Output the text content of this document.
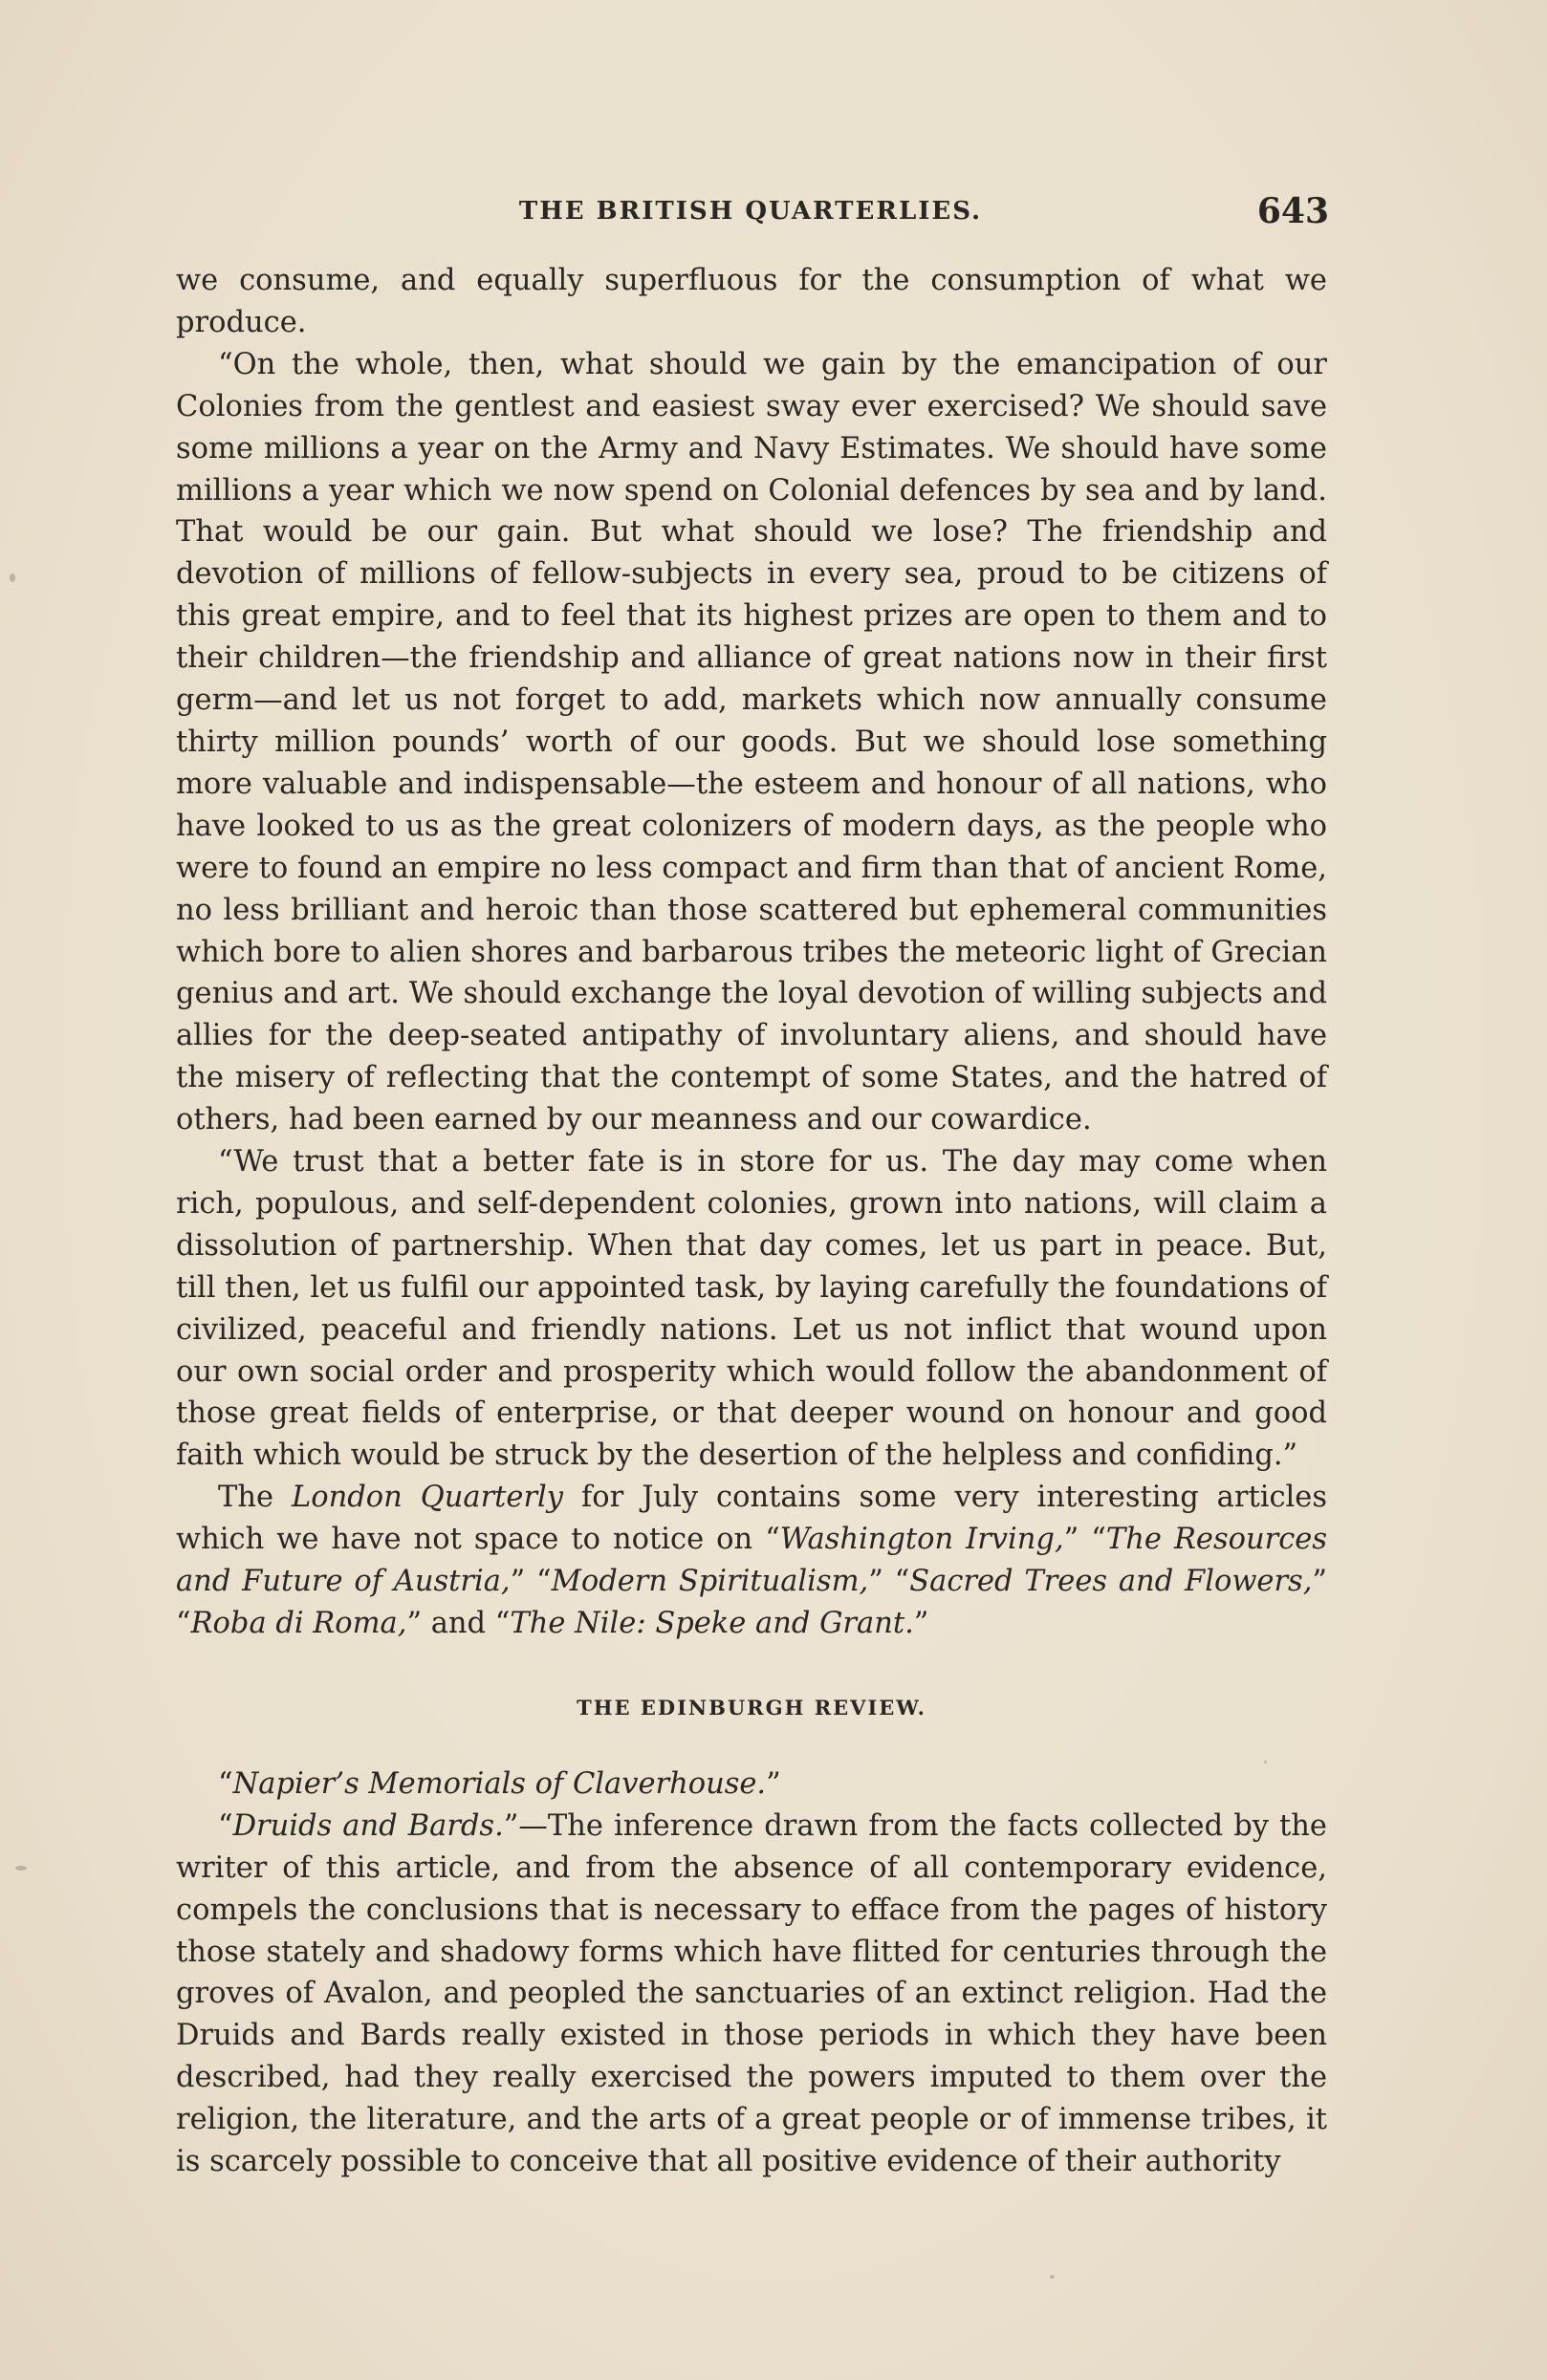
THE BRITISH QUARTERLIES.	643

we consume, and equally superfluous for the consumption of what we produce.

“On the whole, then, what should we gain by the emancipation of our Colonies from the gentlest and easiest sway ever exercised? We should save some millions a year on the Army and Navy Estimates. We should have some millions a year which we now spend on Colonial defences by sea and by land. That would be our gain. But what should we lose? The friendship and devotion of millions of fellow-subjects in every sea, proud to be citizens of this great empire, and to feel that its highest prizes are open to them and to their children—the friendship and alliance of great nations now in their first germ—and let us not forget to add, markets which now annually consume thirty million pounds’ worth of our goods. But we should lose something more valuable and indispensable—the esteem and honour of all nations, who have looked to us as the great colonizers of modern days, as the people who were to found an empire no less compact and firm than that of ancient Rome, no less brilliant and heroic than those scattered but ephemeral communities which bore to alien shores and barbarous tribes the meteoric light of Grecian genius and art. We should exchange the loyal devotion of willing subjects and allies for the deep-seated antipathy of involuntary aliens, and should have the misery of reflecting that the contempt of some States, and the hatred of others, had been earned by our meanness and our cowardice.

“We trust that a better fate is in store for us. The day may come when rich, populous, and self-dependent colonies, grown into nations, will claim a dissolution of partnership. When that day comes, let us part in peace. But, till then, let us fulfil our appointed task, by laying carefully the foundations of civilized, peaceful and friendly nations. Let us not inflict that wound upon our own social order and prosperity which would follow the abandonment of those great fields of enterprise, or that deeper wound on honour and good faith which would be struck by the desertion of the helpless and confiding.”

The London Quarterly for July contains some very interesting articles which we have not space to notice on “Washington Irving,” “The Resources and Future of Austria,” “Modern Spiritualism,” “Sacred Trees and Flowers,” “Roba di Roma,” and “The Nile: Speke and Grant.”

THE EDINBURGH REVIEW.

“Napier’s Memorials of Claverhouse.”

“Druids and Bards.”—The inference drawn from the facts collected by the writer of this article, and from the absence of all contemporary evidence, compels the conclusions that is necessary to efface from the pages of history those stately and shadowy forms which have flitted for centuries through the groves of Avalon, and peopled the sanctuaries of an extinct religion. Had the Druids and Bards really existed in those periods in which they have been described, had they really exercised the powers imputed to them over the religion, the literature, and the arts of a great people or of immense tribes, it is scarcely possible to conceive that all positive evidence of their authority
